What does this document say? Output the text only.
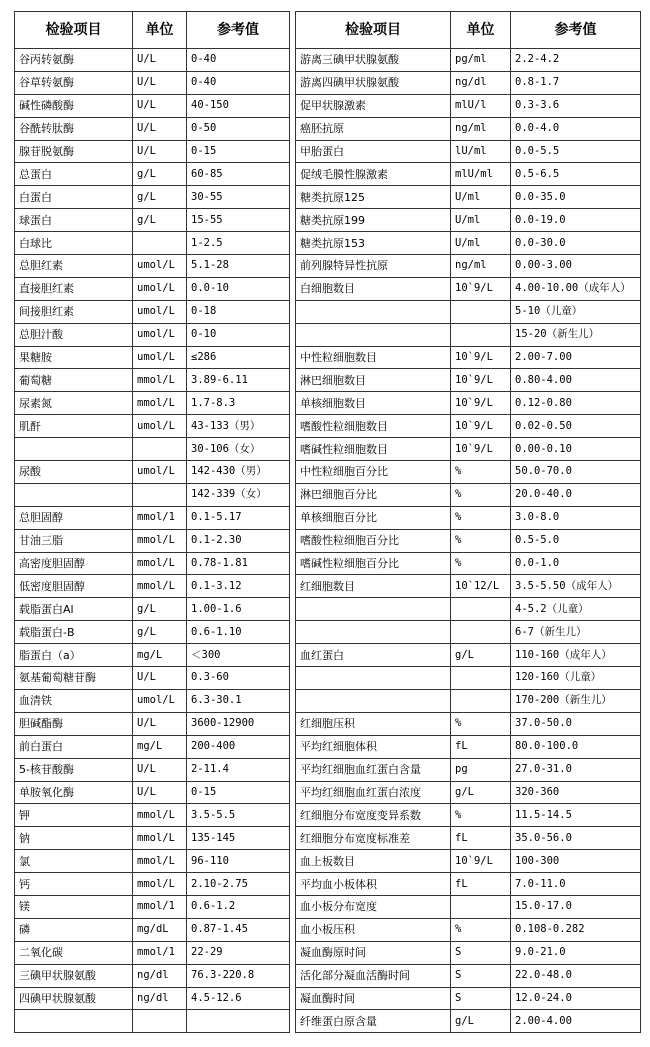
检验项目	单位	参考值
谷丙转氨酶	U/L	0-40
谷草转氨酶	U/L	0-40
碱性磷酸酶	U/L	40-150
谷酰转肽酶	U/L	0-50
腺苷脱氨酶	U/L	0-15
总蛋白	g/L	60-85
白蛋白	g/L	30-55
球蛋白	g/L	15-55
白球比		1-2.5
总胆红素	umol/L	5.1-28
直接胆红素	umol/L	0.0-10
间接胆红素	umol/L	0-18
总胆汁酸	umol/L	0-10
果糖胺	umol/L	≤286
葡萄糖	mmol/L	3.89-6.11
尿素氮	mmol/L	1.7-8.3
肌酐	umol/L	43-133（男）
		30-106（女）
尿酸	umol/L	142-430（男）
		142-339（女）
总胆固醇	mmol/1	0.1-5.17
甘油三脂	mmol/L	0.1-2.30
高密度胆固醇	mmol/L	0.78-1.81
低密度胆固醇	mmol/L	0.1-3.12
载脂蛋白Al	g/L	1.00-1.6
载脂蛋白-B	g/L	0.6-1.10
脂蛋白（a）	mg/L	＜300
氨基葡萄糖苷酶	U/L	0.3-60
血清铁	umol/L	6.3-30.1
胆碱酯酶	U/L	3600-12900
前白蛋白	mg/L	200-400
5-核苷酸酶	U/L	2-11.4
单胺氧化酶	U/L	0-15
钾	mmol/L	3.5-5.5
钠	mmol/L	135-145
氯	mmol/L	96-110
钙	mmol/L	2.10-2.75
镁	mmol/1	0.6-1.2
磷	mg/dL	0.87-1.45
二氧化碳	mmol/1	22-29
三碘甲状腺氨酸	ng/dl	76.3-220.8
四碘甲状腺氨酸	ng/dl	4.5-12.6

检验项目	单位	参考值
游离三碘甲状腺氨酸	pg/ml	2.2-4.2
游离四碘甲状腺氨酸	ng/dl	0.8-1.7
促甲状腺激素	mlU/l	0.3-3.6
癌胚抗原	ng/ml	0.0-4.0
甲胎蛋白	lU/ml	0.0-5.5
促绒毛膜性腺激素	mlU/ml	0.5-6.5
糖类抗原125	U/ml	0.0-35.0
糖类抗原199	U/ml	0.0-19.0
糖类抗原153	U/ml	0.0-30.0
前列腺特异性抗原	ng/ml	0.00-3.00
白细胞数目	10`9/L	4.00-10.00（成年人）
		5-10（儿童）
		15-20（新生儿）
中性粒细胞数目	10`9/L	2.00-7.00
淋巴细胞数目	10`9/L	0.80-4.00
单核细胞数目	10`9/L	0.12-0.80
嗜酸性粒细胞数目	10`9/L	0.02-0.50
嗜碱性粒细胞数目	10`9/L	0.00-0.10
中性粒细胞百分比	%	50.0-70.0
淋巴细胞百分比	%	20.0-40.0
单核细胞百分比	%	3.0-8.0
嗜酸性粒细胞百分比	%	0.5-5.0
嗜碱性粒细胞百分比	%	0.0-1.0
红细胞数目	10`12/L	3.5-5.50（成年人）
		4-5.2（儿童）
		6-7（新生儿）
血红蛋白	g/L	110-160（成年人）
		120-160（儿童）
		170-200（新生儿）
红细胞压积	%	37.0-50.0
平均红细胞体积	fL	80.0-100.0
平均红细胞血红蛋白含量	pg	27.0-31.0
平均红细胞血红蛋白浓度	g/L	320-360
红细胞分布宽度变异系数	%	11.5-14.5
红细胞分布宽度标准差	fL	35.0-56.0
血上板数目	10`9/L	100-300
平均血小板体积	fL	7.0-11.0
血小板分布宽度		15.0-17.0
血小板压积	%	0.108-0.282
凝血酶原时间	S	9.0-21.0
活化部分凝血活酶时间	S	22.0-48.0
凝血酶时间	S	12.0-24.0
纤维蛋白原含量	g/L	2.00-4.00
